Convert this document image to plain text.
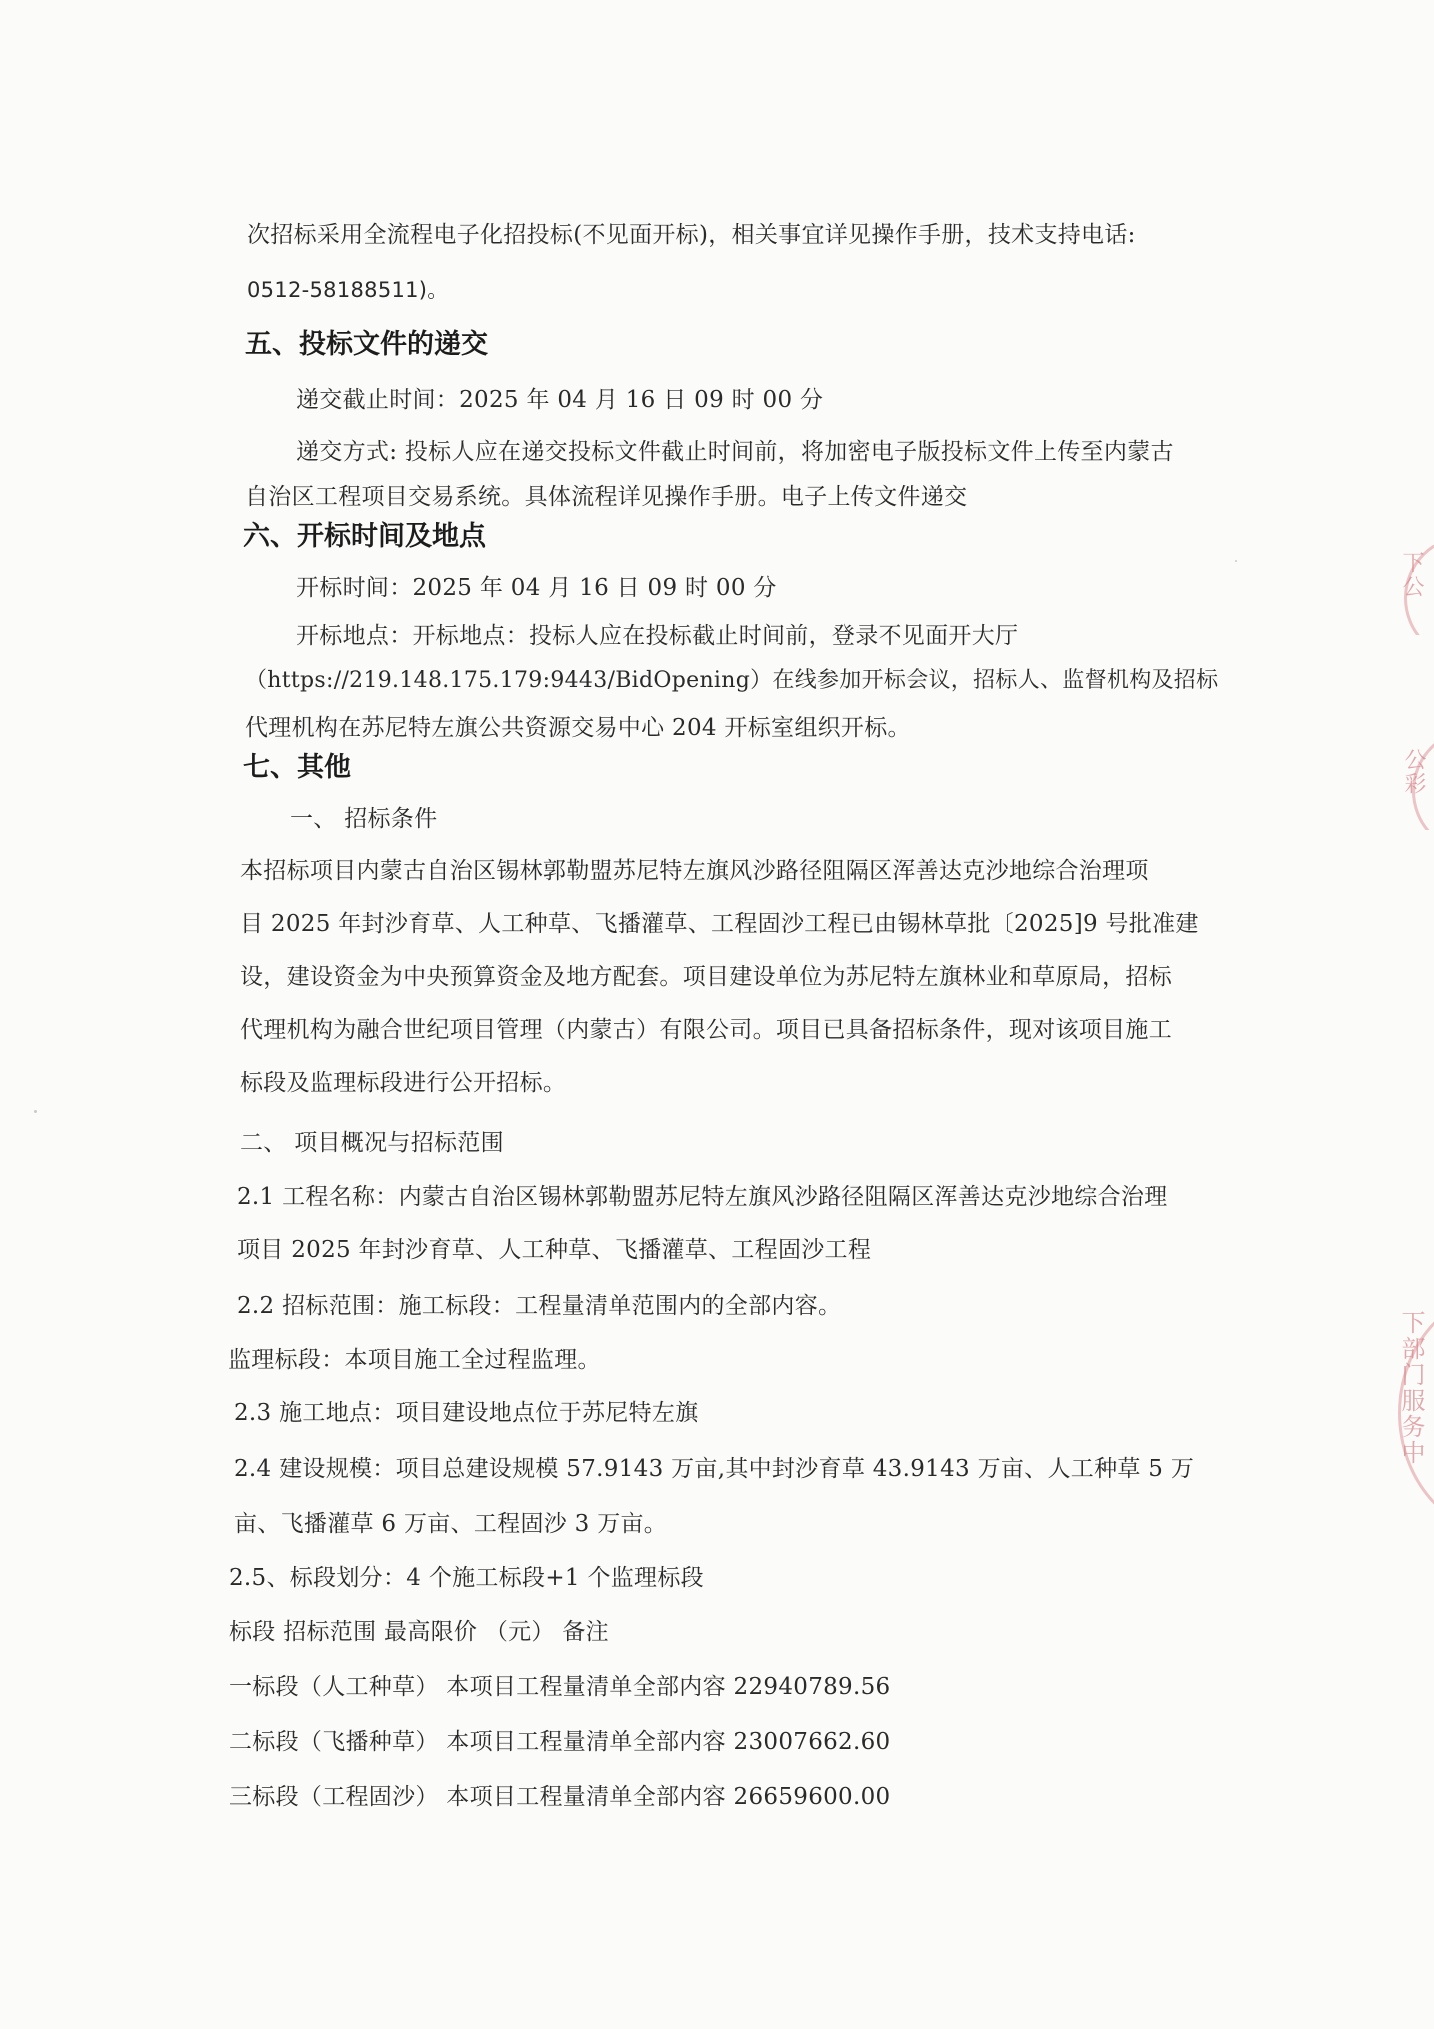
次招标采用全流程电子化招投标(不见面开标)，相关事宜详见操作手册，技术支持电话:
0512-58188511)。
五、投标文件的递交
递交截止时间：2025 年 04 月 16 日 09 时 00 分
递交方式: 投标人应在递交投标文件截止时间前，将加密电子版投标文件上传至内蒙古
自治区工程项目交易系统。具体流程详见操作手册。电子上传文件递交
六、开标时间及地点
开标时间：2025 年 04 月 16 日 09 时 00 分
开标地点：开标地点：投标人应在投标截止时间前，登录不见面开大厅
（https://219.148.175.179:9443/BidOpening）在线参加开标会议，招标人、监督机构及招标
代理机构在苏尼特左旗公共资源交易中心 204 开标室组织开标。
七、其他
一、 招标条件
本招标项目内蒙古自治区锡林郭勒盟苏尼特左旗风沙路径阻隔区浑善达克沙地综合治理项
目 2025 年封沙育草、人工种草、飞播灌草、工程固沙工程已由锡林草批〔2025]9 号批准建
设，建设资金为中央预算资金及地方配套。项目建设单位为苏尼特左旗林业和草原局，招标
代理机构为融合世纪项目管理（内蒙古）有限公司。项目已具备招标条件，现对该项目施工
标段及监理标段进行公开招标。
二、 项目概况与招标范围
2.1 工程名称：内蒙古自治区锡林郭勒盟苏尼特左旗风沙路径阻隔区浑善达克沙地综合治理
项目 2025 年封沙育草、人工种草、飞播灌草、工程固沙工程
2.2 招标范围：施工标段：工程量清单范围内的全部内容。
监理标段：本项目施工全过程监理。
2.3 施工地点：项目建设地点位于苏尼特左旗
2.4 建设规模：项目总建设规模 57.9143 万亩,其中封沙育草 43.9143 万亩、人工种草 5 万
亩、飞播灌草 6 万亩、工程固沙 3 万亩。
2.5、标段划分：4 个施工标段+1 个监理标段
标段 招标范围 最高限价 （元） 备注
一标段（人工种草） 本项目工程量清单全部内容 22940789.56
二标段（飞播种草） 本项目工程量清单全部内容 23007662.60
三标段（工程固沙） 本项目工程量清单全部内容 26659600.00
下公
公彩
下部门服务中
